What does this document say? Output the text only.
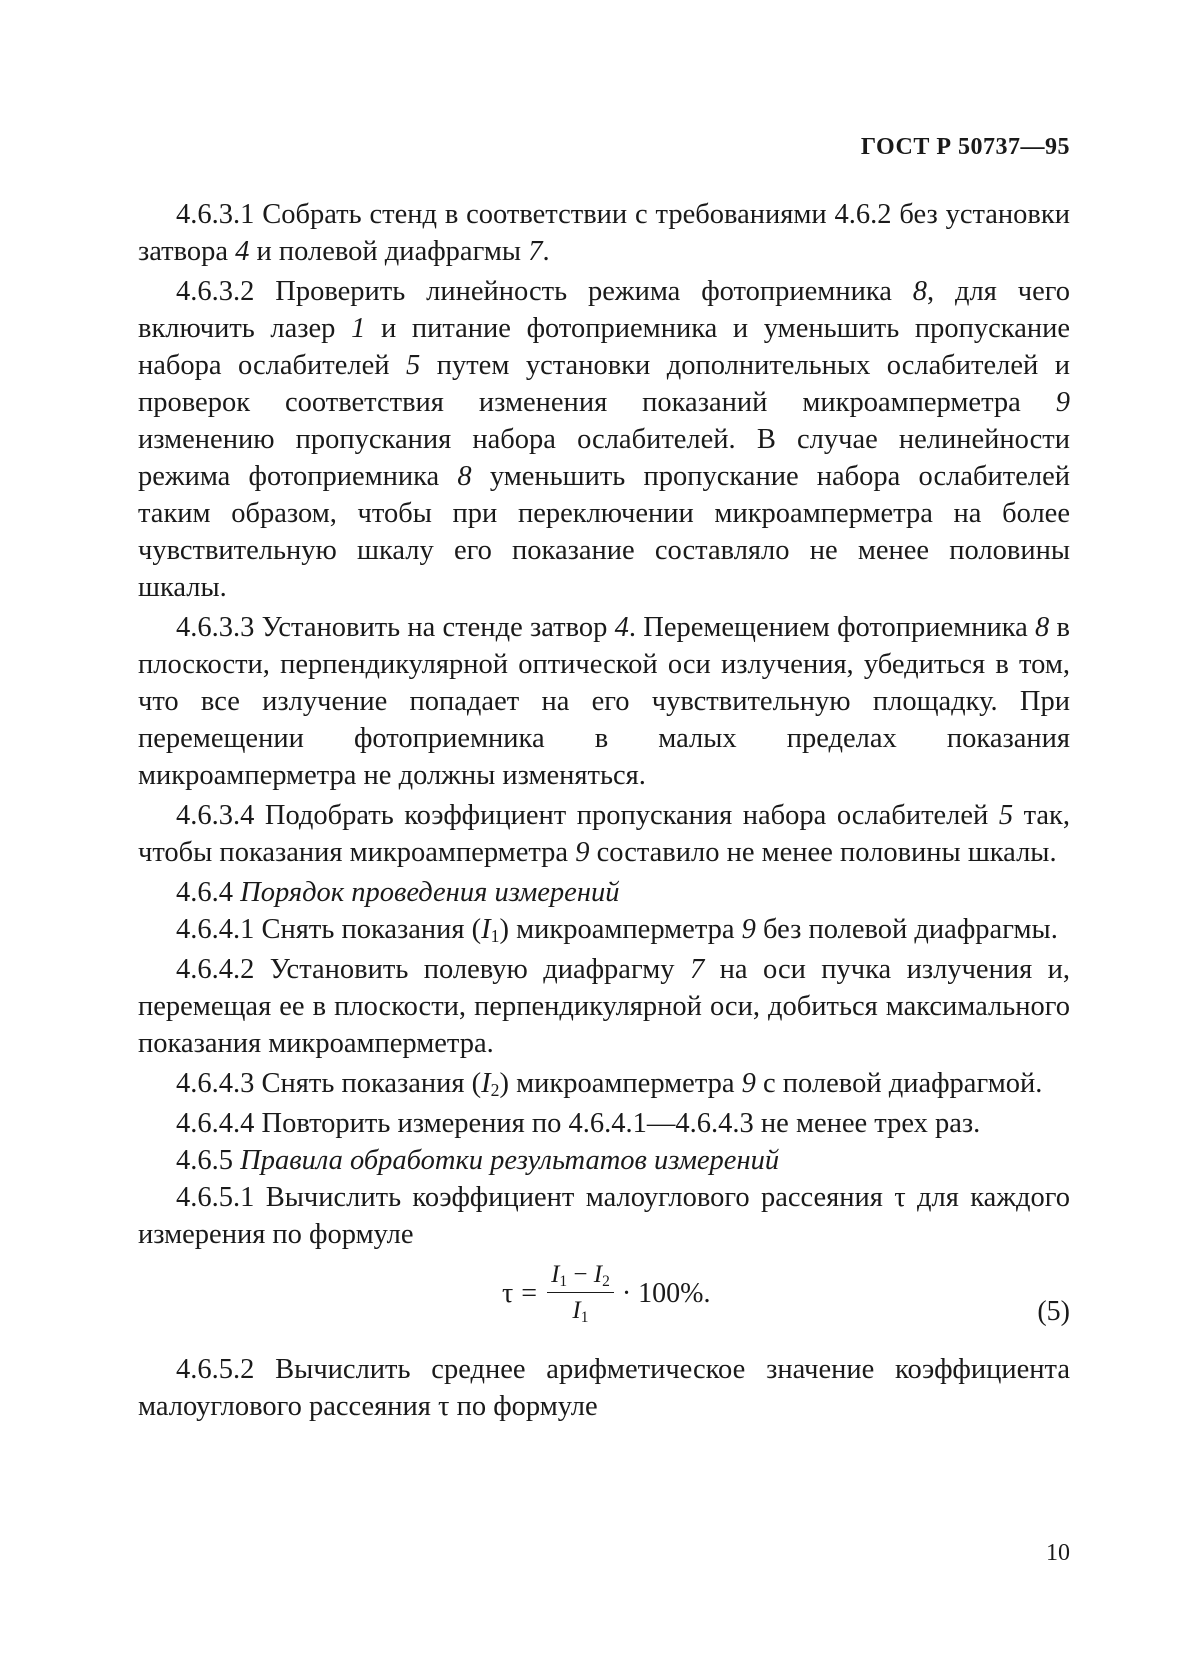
ГОСТ Р 50737—95

4.6.3.1 Собрать стенд в соответствии с требованиями 4.6.2 без установки затвора 4 и полевой диафрагмы 7.

4.6.3.2 Проверить линейность режима фотоприемника 8, для чего включить лазер 1 и питание фотоприемника и уменьшить пропускание набора ослабителей 5 путем установки дополнительных ослабителей и проверок соответствия изменения показаний микроамперметра 9 изменению пропускания набора ослабителей. В случае нелинейности режима фотоприемника 8 уменьшить пропускание набора ослабителей таким образом, чтобы при переключении микроамперметра на более чувствительную шкалу его показание составляло не менее половины шкалы.

4.6.3.3 Установить на стенде затвор 4. Перемещением фотоприемника 8 в плоскости, перпендикулярной оптической оси излучения, убедиться в том, что все излучение попадает на его чувствительную площадку. При перемещении фотоприемника в малых пределах показания микроамперметра не должны изменяться.

4.6.3.4 Подобрать коэффициент пропускания набора ослабителей 5 так, чтобы показания микроамперметра 9 составило не менее половины шкалы.

4.6.4 Порядок проведения измерений

4.6.4.1 Снять показания $(I_1)$ микроамперметра 9 без полевой диафрагмы.

4.6.4.2 Установить полевую диафрагму 7 на оси пучка излучения и, перемещая ее в плоскости, перпендикулярной оси, добиться максимального показания микроамперметра.

4.6.4.3 Снять показания $(I_2)$ микроамперметра 9 с полевой диафрагмой.

4.6.4.4 Повторить измерения по 4.6.4.1—4.6.4.3 не менее трех раз.

4.6.5 Правила обработки результатов измерений

4.6.5.1 Вычислить коэффициент малоуглового рассеяния τ для каждого измерения по формуле

$\tau = \frac{I_1 - I_2}{I_1} \cdot 100\%$.
(5)

4.6.5.2 Вычислить среднее арифметическое значение коэффициента малоуглового рассеяния τ по формуле

10
